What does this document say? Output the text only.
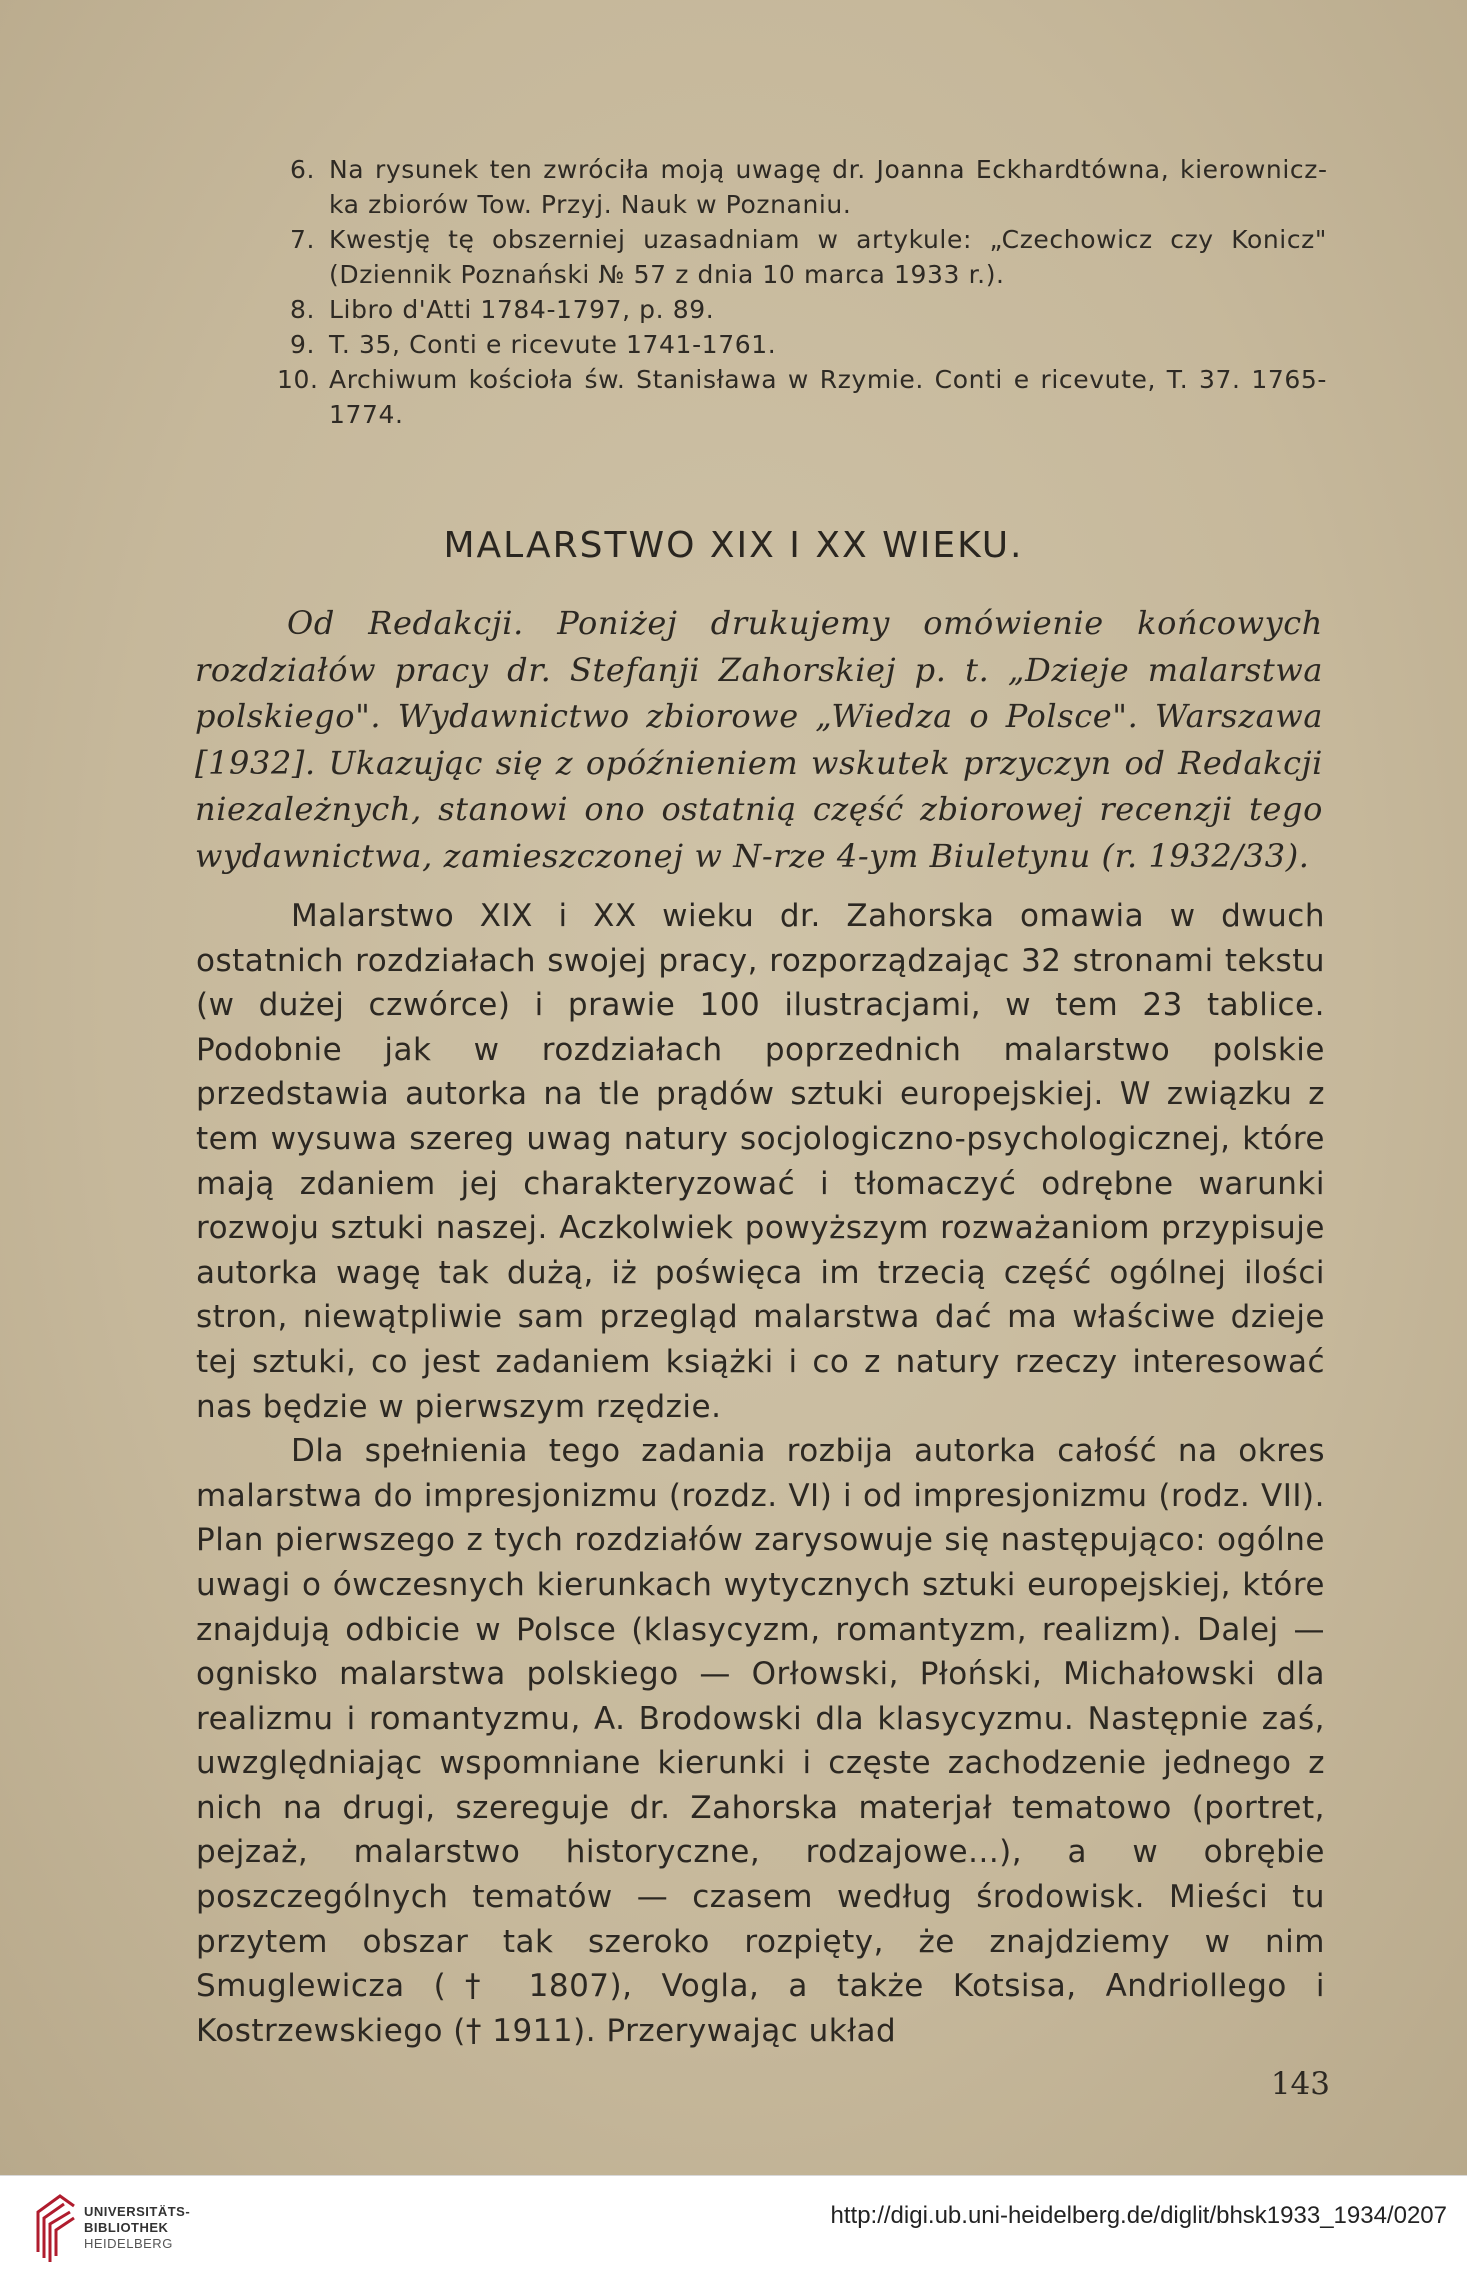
6. Na rysunek ten zwróciła moją uwagę dr. Joanna Eckhardtówna, kierowniczka zbiorów Tow. Przyj. Nauk w Poznaniu.
7. Kwestję tę obszerniej uzasadniam w artykule: „Czechowicz czy Konicz" (Dziennik Poznański № 57 z dnia 10 marca 1933 r.).
8. Libro d'Atti 1784-1797, p. 89.
9. T. 35, Conti e ricevute 1741-1761.
10. Archiwum kościoła św. Stanisława w Rzymie. Conti e ricevute, T. 37. 1765-1774.
MALARSTWO XIX I XX WIEKU.
Od Redakcji. Poniżej drukujemy omówienie końcowych rozdziałów pracy dr. Stefanji Zahorskiej p. t. „Dzieje malarstwa polskiego". Wydawnictwo zbiorowe „Wiedza o Polsce". Warszawa [1932]. Ukazując się z opóźnieniem wskutek przyczyn od Redakcji niezależnych, stanowi ono ostatnią część zbiorowej recenzji tego wydawnictwa, zamieszczonej w N-rze 4-ym Biuletynu (r. 1932/33).

Malarstwo XIX i XX wieku dr. Zahorska omawia w dwuch ostatnich rozdziałach swojej pracy, rozporządzając 32 stronami tekstu (w dużej czwórce) i prawie 100 ilustracjami, w tem 23 tablice. Podobnie jak w rozdziałach poprzednich malarstwo polskie przedstawia autorka na tle prądów sztuki europejskiej. W związku z tem wysuwa szereg uwag natury socjologiczno-psychologicznej, które mają zdaniem jej charakteryzować i tłomaczyć odrębne warunki rozwoju sztuki naszej. Aczkolwiek powyższym rozważaniom przypisuje autorka wagę tak dużą, iż poświęca im trzecią część ogólnej ilości stron, niewątpliwie sam przegląd malarstwa dać ma właściwe dzieje tej sztuki, co jest zadaniem książki i co z natury rzeczy interesować nas będzie w pierwszym rzędzie.

Dla spełnienia tego zadania rozbija autorka całość na okres malarstwa do impresjonizmu (rozdz. VI) i od impresjonizmu (rodz. VII). Plan pierwszego z tych rozdziałów zarysowuje się następująco: ogólne uwagi o ówczesnych kierunkach wytycznych sztuki europejskiej, które znajdują odbicie w Polsce (klasycyzm, romantyzm, realizm). Dalej — ognisko malarstwa polskiego — Orłowski, Płoński, Michałowski dla realizmu i romantyzmu, A. Brodowski dla klasycyzmu. Następnie zaś, uwzględniając wspomniane kierunki i częste zachodzenie jednego z nich na drugi, szereguje dr. Zahorska materjał tematowo (portret, pejzaż, malarstwo historyczne, rodzajowe...), a w obrębie poszczególnych tematów — czasem według środowisk. Mieści tu przytem obszar tak szeroko rozpięty, że znajdziemy w nim Smuglewicza († 1807), Vogla, a także Kotsisa, Andriollego i Kostrzewskiego († 1911). Przerywając układ

143
UNIVERSITÄTS-
BIBLIOTHEK
HEIDELBERG
http://digi.ub.uni-heidelberg.de/diglit/bhsk1933_1934/0207
